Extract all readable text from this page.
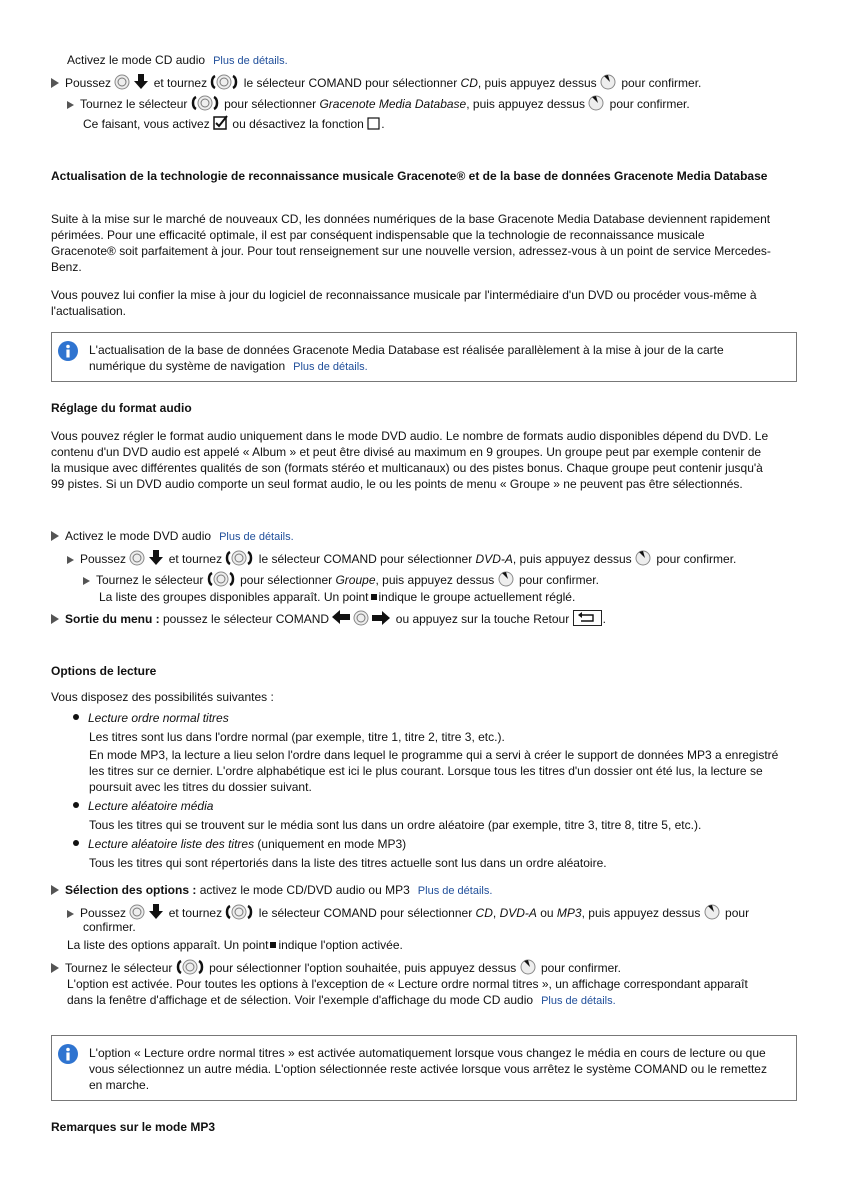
Activez le mode CD audio Plus de détails.
Poussez	et tournez	le sélecteur COMAND pour sélectionner CD, puis appuyez dessus pour confirmer.
Tournez le sélecteur	pour sélectionner Gracenote Media Database, puis appuyez dessus pour confirmer.
Ce faisant, vous activez ou désactivez la fonction .
Actualisation de la technologie de reconnaissance musicale Gracenote® et de la base de données Gracenote Media Database
Suite à la mise sur le marché de nouveaux CD, les données numériques de la base Gracenote Media Database deviennent rapidement périmées. Pour une efficacité optimale, il est par conséquent indispensable que la technologie de reconnaissance musicale Gracenote® soit parfaitement à jour. Pour tout renseignement sur une nouvelle version, adressez-vous à un point de service Mercedes-Benz.
Vous pouvez lui confier la mise à jour du logiciel de reconnaissance musicale par l'intermédiaire d'un DVD ou procéder vous-même à l'actualisation.
L'actualisation de la base de données Gracenote Media Database est réalisée parallèlement à la mise à jour de la carte numérique du système de navigation Plus de détails.
Réglage du format audio
Vous pouvez régler le format audio uniquement dans le mode DVD audio. Le nombre de formats audio disponibles dépend du DVD. Le contenu d'un DVD audio est appelé « Album » et peut être divisé au maximum en 9 groupes. Un groupe peut par exemple contenir de la musique avec différentes qualités de son (formats stéréo et multicanaux) ou des pistes bonus. Chaque groupe peut contenir jusqu'à 99 pistes. Si un DVD audio comporte un seul format audio, le ou les points de menu « Groupe » ne peuvent pas être sélectionnés.
Activez le mode DVD audio Plus de détails.
Poussez	et tournez	le sélecteur COMAND pour sélectionner DVD-A, puis appuyez dessus pour confirmer.
Tournez le sélecteur	pour sélectionner Groupe, puis appuyez dessus pour confirmer.
La liste des groupes disponibles apparaît. Un point indique le groupe actuellement réglé.
Sortie du menu : poussez le sélecteur COMAND	ou appuyez sur la touche Retour	.
Options de lecture
Vous disposez des possibilités suivantes :
Lecture ordre normal titres
Les titres sont lus dans l'ordre normal (par exemple, titre 1, titre 2, titre 3, etc.).
En mode MP3, la lecture a lieu selon l'ordre dans lequel le programme qui a servi à créer le support de données MP3 a enregistré les titres sur ce dernier. L'ordre alphabétique est ici le plus courant. Lorsque tous les titres d'un dossier ont été lus, la lecture se poursuit avec les titres du dossier suivant.
Lecture aléatoire média
Tous les titres qui se trouvent sur le média sont lus dans un ordre aléatoire (par exemple, titre 3, titre 8, titre 5, etc.).
Lecture aléatoire liste des titres (uniquement en mode MP3)
Tous les titres qui sont répertoriés dans la liste des titres actuelle sont lus dans un ordre aléatoire.
Sélection des options : activez le mode CD/DVD audio ou MP3 Plus de détails.
Poussez	et tournez	le sélecteur COMAND pour sélectionner CD, DVD-A ou MP3, puis appuyez dessus pour
confirmer.
La liste des options apparaît. Un point indique l'option activée.
Tournez le sélecteur	pour sélectionner l'option souhaitée, puis appuyez dessus pour confirmer.
L'option est activée. Pour toutes les options à l'exception de « Lecture ordre normal titres », un affichage correspondant apparaît
dans la fenêtre d'affichage et de sélection. Voir l'exemple d'affichage du mode CD audio Plus de détails.
L'option « Lecture ordre normal titres » est activée automatiquement lorsque vous changez le média en cours de lecture ou que vous sélectionnez un autre média. L'option sélectionnée reste activée lorsque vous arrêtez le système COMAND ou le remettez en marche.
Remarques sur le mode MP3
